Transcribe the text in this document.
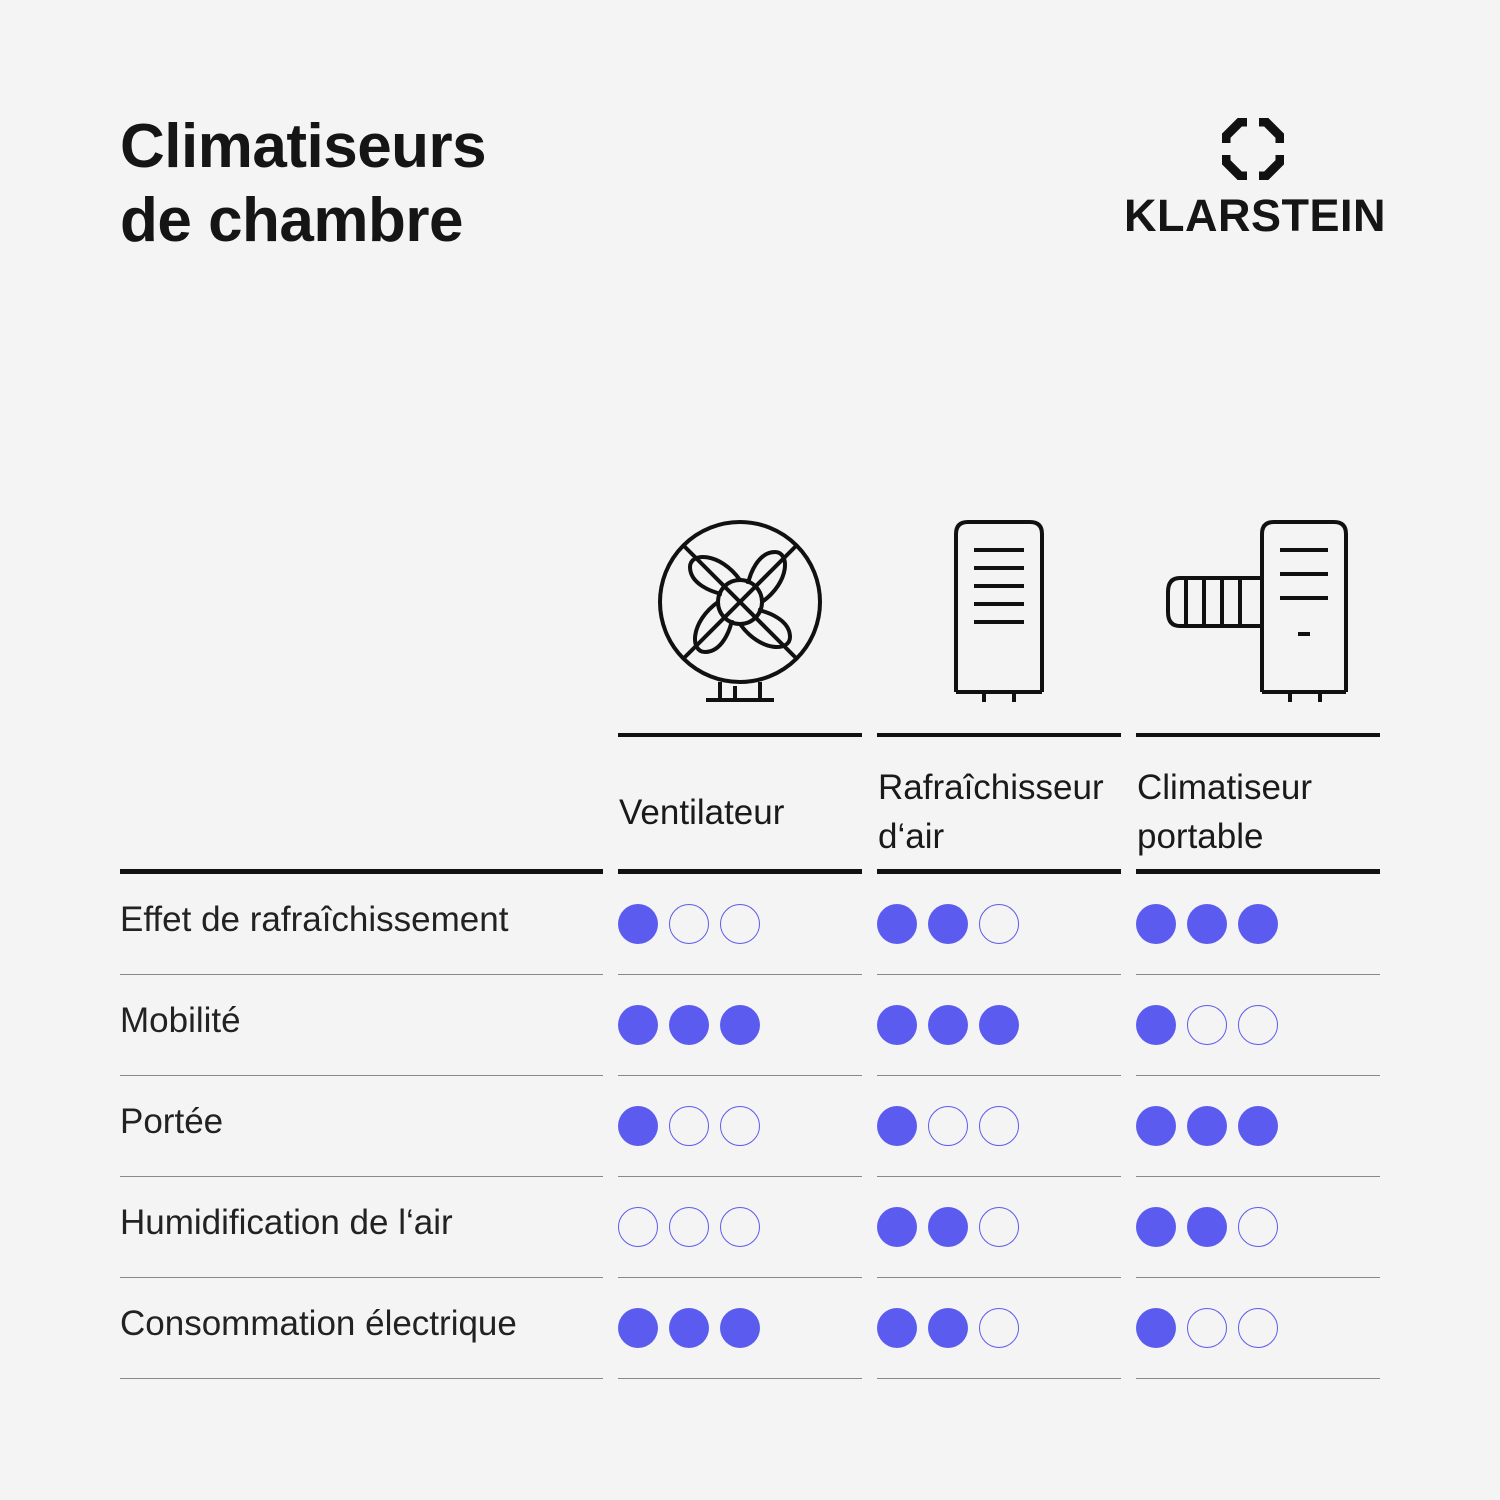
Climatiseurs
de chambre	KLARSTEIN
Ventilateur
Rafraîchisseur
d‘air
Climatiseur
portable
Effet de rafraîchissement
Mobilité
Portée
Humidification de l‘air
Consommation électrique
